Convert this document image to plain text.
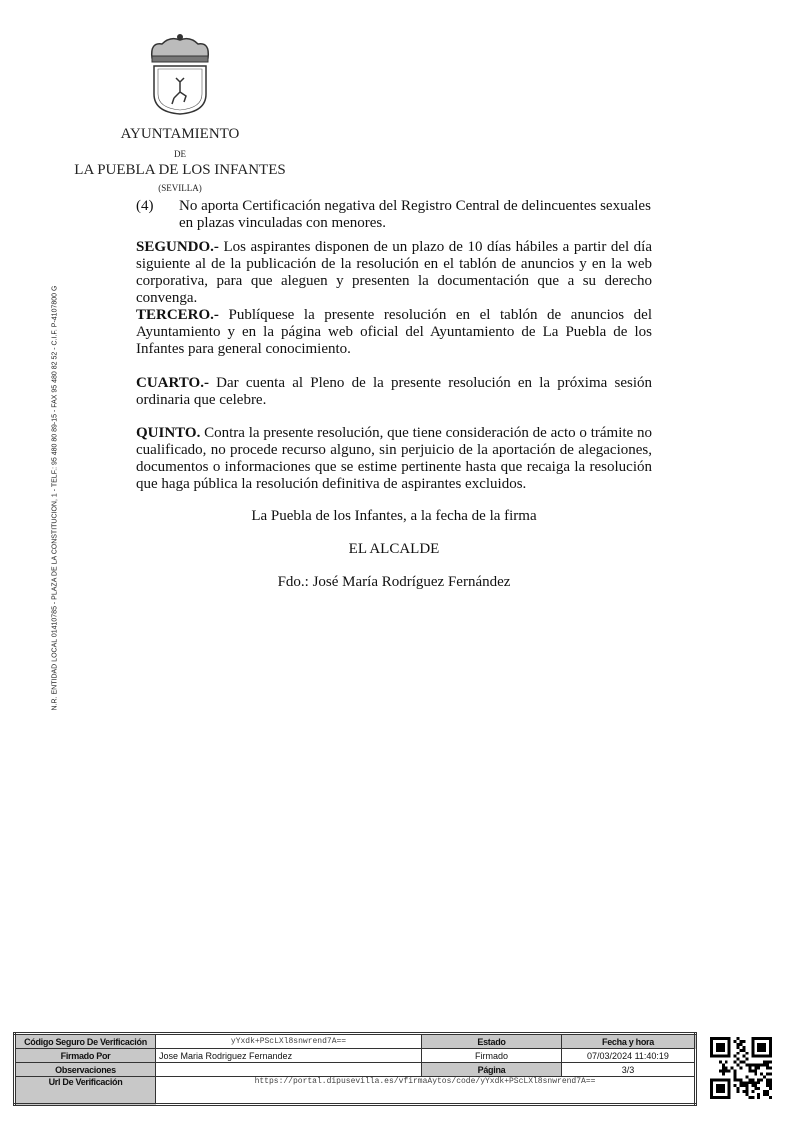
AYUNTAMIENTO
DE
LA PUEBLA DE LOS INFANTES
(SEVILLA)
N.R. ENTIDAD LOCAL 01410785 - PLAZA DE LA CONSTITUCION, 1 - TELF.: 95 480 80 89-15 - FAX 95 480 82 52 - C.I.F. P-4107800 G
(4) No aporta Certificación negativa del Registro Central de delincuentes sexuales en plazas vinculadas con menores.
SEGUNDO.- Los aspirantes disponen de un plazo de 10 días hábiles a partir del día siguiente al de la publicación de la resolución en el tablón de anuncios y en la web corporativa, para que aleguen y presenten la documentación que a su derecho convenga.
TERCERO.- Publíquese la presente resolución en el tablón de anuncios del Ayuntamiento y en la página web oficial del Ayuntamiento de La Puebla de los Infantes para general conocimiento.
CUARTO.- Dar cuenta al Pleno de la presente resolución en la próxima sesión ordinaria que celebre.
QUINTO. Contra la presente resolución, que tiene consideración de acto o trámite no cualificado, no procede recurso alguno, sin perjuicio de la aportación de alegaciones, documentos o informaciones que se estime pertinente hasta que recaiga la resolución que haga pública la resolución definitiva de aspirantes excluidos.
La Puebla de los Infantes, a la fecha de la firma
EL ALCALDE
Fdo.: José María Rodríguez Fernández
Código Seguro De Verificación	yYxdk+PScLXl8snwrend7A==	Estado	Fecha y hora
Firmado Por	Jose Maria Rodriguez Fernandez	Firmado	07/03/2024 11:40:19
Observaciones		Página	3/3
Url De Verificación	https://portal.dipusevilla.es/vfirmaAytos/code/yYxdk+PScLXl8snwrend7A==		
